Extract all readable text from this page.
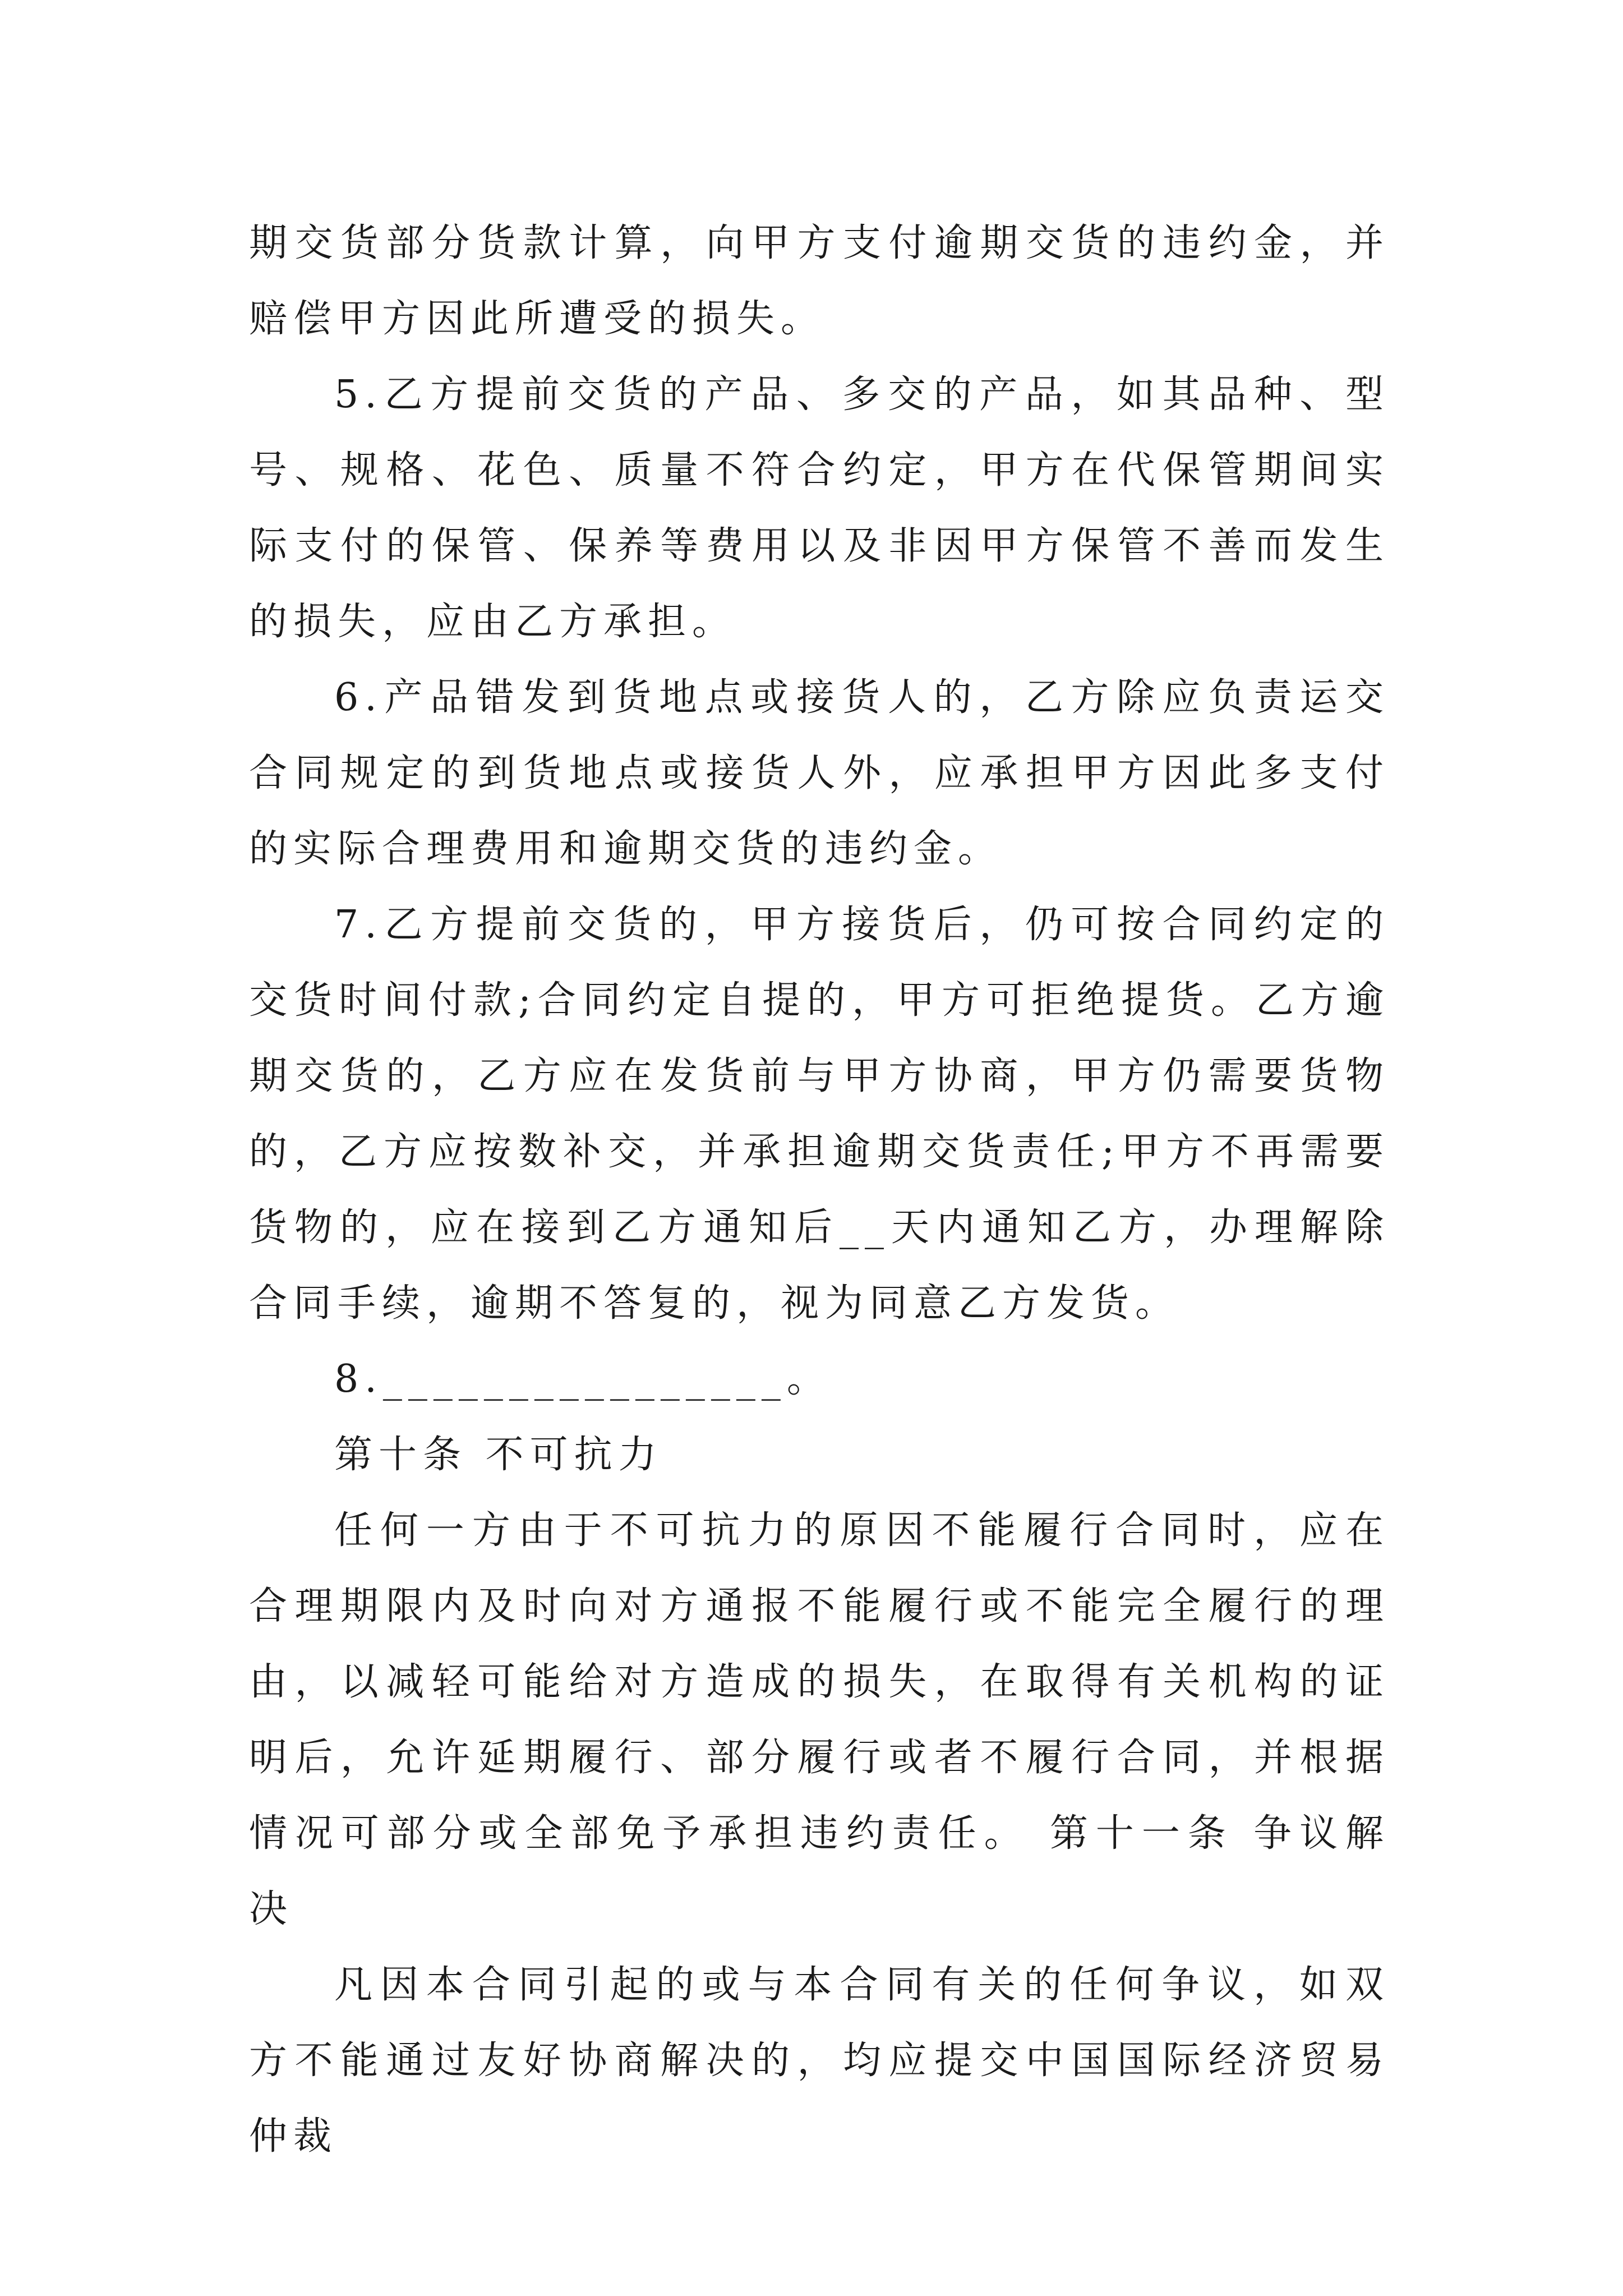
期交货部分货款计算，向甲方支付逾期交货的违约金，并赔偿甲方因此所遭受的损失。

5.乙方提前交货的产品、多交的产品，如其品种、型号、规格、花色、质量不符合约定，甲方在代保管期间实际支付的保管、保养等费用以及非因甲方保管不善而发生的损失，应由乙方承担。

6.产品错发到货地点或接货人的，乙方除应负责运交合同规定的到货地点或接货人外，应承担甲方因此多支付的实际合理费用和逾期交货的违约金。

7.乙方提前交货的，甲方接货后，仍可按合同约定的交货时间付款;合同约定自提的，甲方可拒绝提货。乙方逾期交货的，乙方应在发货前与甲方协商，甲方仍需要货物的，乙方应按数补交，并承担逾期交货责任;甲方不再需要货物的，应在接到乙方通知后__天内通知乙方，办理解除合同手续，逾期不答复的，视为同意乙方发货。

8.________________。

第十条 不可抗力

任何一方由于不可抗力的原因不能履行合同时，应在合理期限内及时向对方通报不能履行或不能完全履行的理由，以减轻可能给对方造成的损失，在取得有关机构的证明后，允许延期履行、部分履行或者不履行合同，并根据情况可部分或全部免予承担违约责任。 第十一条 争议解决

凡因本合同引起的或与本合同有关的任何争议，如双方不能通过友好协商解决的，均应提交中国国际经济贸易仲裁
